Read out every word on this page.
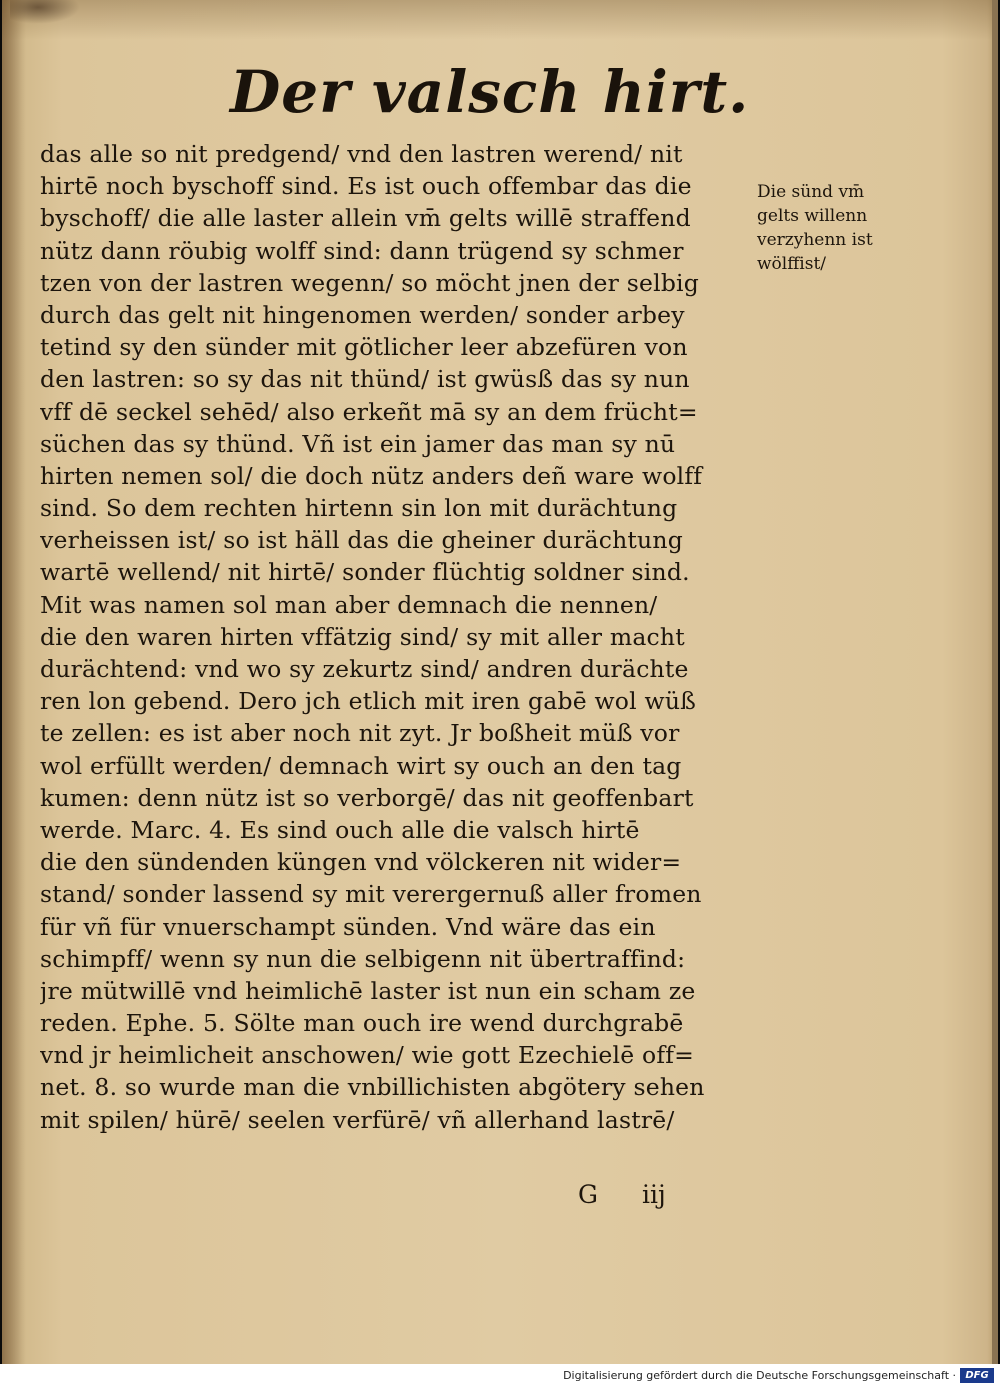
Der valsch hirt.
das alle so nit predgend/ vnd den lastren werend/ nit
hirtē noch byschoff sind. Es ist ouch offembar das die
byschoff/ die alle laster allein vm̄ gelts willē straffend
nütz dann röubig wolff sind: dann trügend sy schmer
tzen von der lastren wegenn/ so möcht jnen der selbig
durch das gelt nit hingenomen werden/ sonder arbey
tetind sy den sünder mit götlicher leer abzefüren von
den lastren: so sy das nit thünd/ ist gwüsß das sy nun
vff dē seckel sehēd/ also erkeñt mā sy an dem frücht=
süchen das sy thünd. Vñ ist ein jamer das man sy nū
hirten nemen sol/ die doch nütz anders deñ ware wolff
sind. So dem rechten hirtenn sin lon mit durächtung
verheissen ist/ so ist häll das die gheiner durächtung
wartē wellend/ nit hirtē/ sonder flüchtig soldner sind.
Mit was namen sol man aber demnach die nennen/
die den waren hirten vffätzig sind/ sy mit aller macht
durächtend: vnd wo sy zekurtz sind/ andren durächte
ren lon gebend. Dero jch etlich mit iren gabē wol wüß
te zellen: es ist aber noch nit zyt. Jr boßheit müß vor
wol erfüllt werden/ demnach wirt sy ouch an den tag
kumen: denn nütz ist so verborgē/ das nit geoffenbart
werde. Marc. 4. Es sind ouch alle die valsch hirtē
die den sündenden küngen vnd völckeren nit wider=
stand/ sonder lassend sy mit verergernuß aller fromen
für vñ für vnuerschampt sünden. Vnd wäre das ein
schimpff/ wenn sy nun die selbigenn nit übertraffind:
jre mütwillē vnd heimlichē laster ist nun ein scham ze
reden. Ephe. 5. Sölte man ouch ire wend durchgrabē
vnd jr heimlicheit anschowen/ wie gott Ezechielē off=
net. 8. so wurde man die vnbillichisten abgötery sehen
mit spilen/ hürē/ seelen verfürē/ vñ allerhand lastrē/
Die sünd vm̄
gelts willenn
verzyhenn ist
wölffist/
G iij
Digitalisierung gefördert durch die Deutsche Forschungsgemeinschaft · DFG
